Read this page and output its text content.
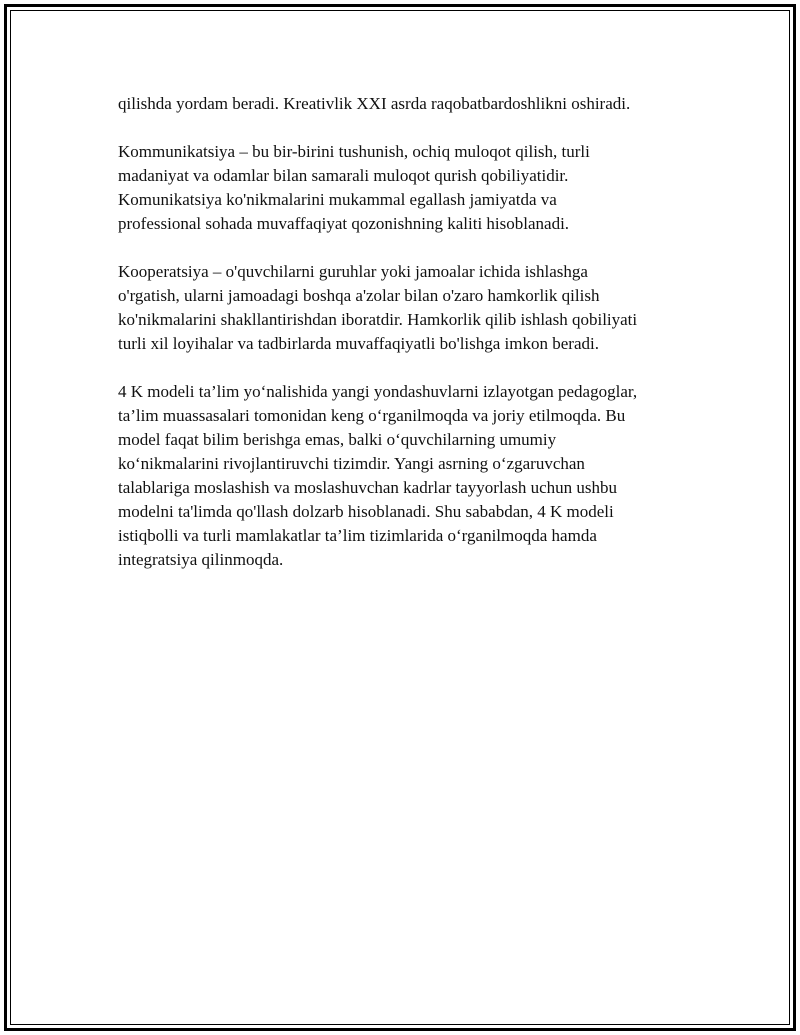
qilishda yordam beradi. Kreativlik XXI asrda raqobatbardoshlikni oshiradi.
Kommunikatsiya – bu bir-birini tushunish, ochiq muloqot qilish, turli
madaniyat va odamlar bilan samarali muloqot qurish qobiliyatidir.
Komunikatsiya ko'nikmalarini mukammal egallash jamiyatda va
professional sohada muvaffaqiyat qozonishning kaliti hisoblanadi.
Kooperatsiya – o'quvchilarni guruhlar yoki jamoalar ichida ishlashga
o'rgatish, ularni jamoadagi boshqa a'zolar bilan o'zaro hamkorlik qilish
ko'nikmalarini shakllantirishdan iboratdir. Hamkorlik qilib ishlash qobiliyati
turli xil loyihalar va tadbirlarda muvaffaqiyatli bo'lishga imkon beradi.
4 K modeli ta’lim yo‘nalishida yangi yondashuvlarni izlayotgan pedagoglar,
ta’lim muassasalari tomonidan keng o‘rganilmoqda va joriy etilmoqda. Bu
model faqat bilim berishga emas, balki o‘quvchilarning umumiy
ko‘nikmalarini rivojlantiruvchi tizimdir. Yangi asrning o‘zgaruvchan
talablariga moslashish va moslashuvchan kadrlar tayyorlash uchun ushbu
modelni ta'limda qo'llash dolzarb hisoblanadi. Shu sababdan, 4 K modeli
istiqbolli va turli mamlakatlar ta’lim tizimlarida o‘rganilmoqda hamda
integratsiya qilinmoqda.
